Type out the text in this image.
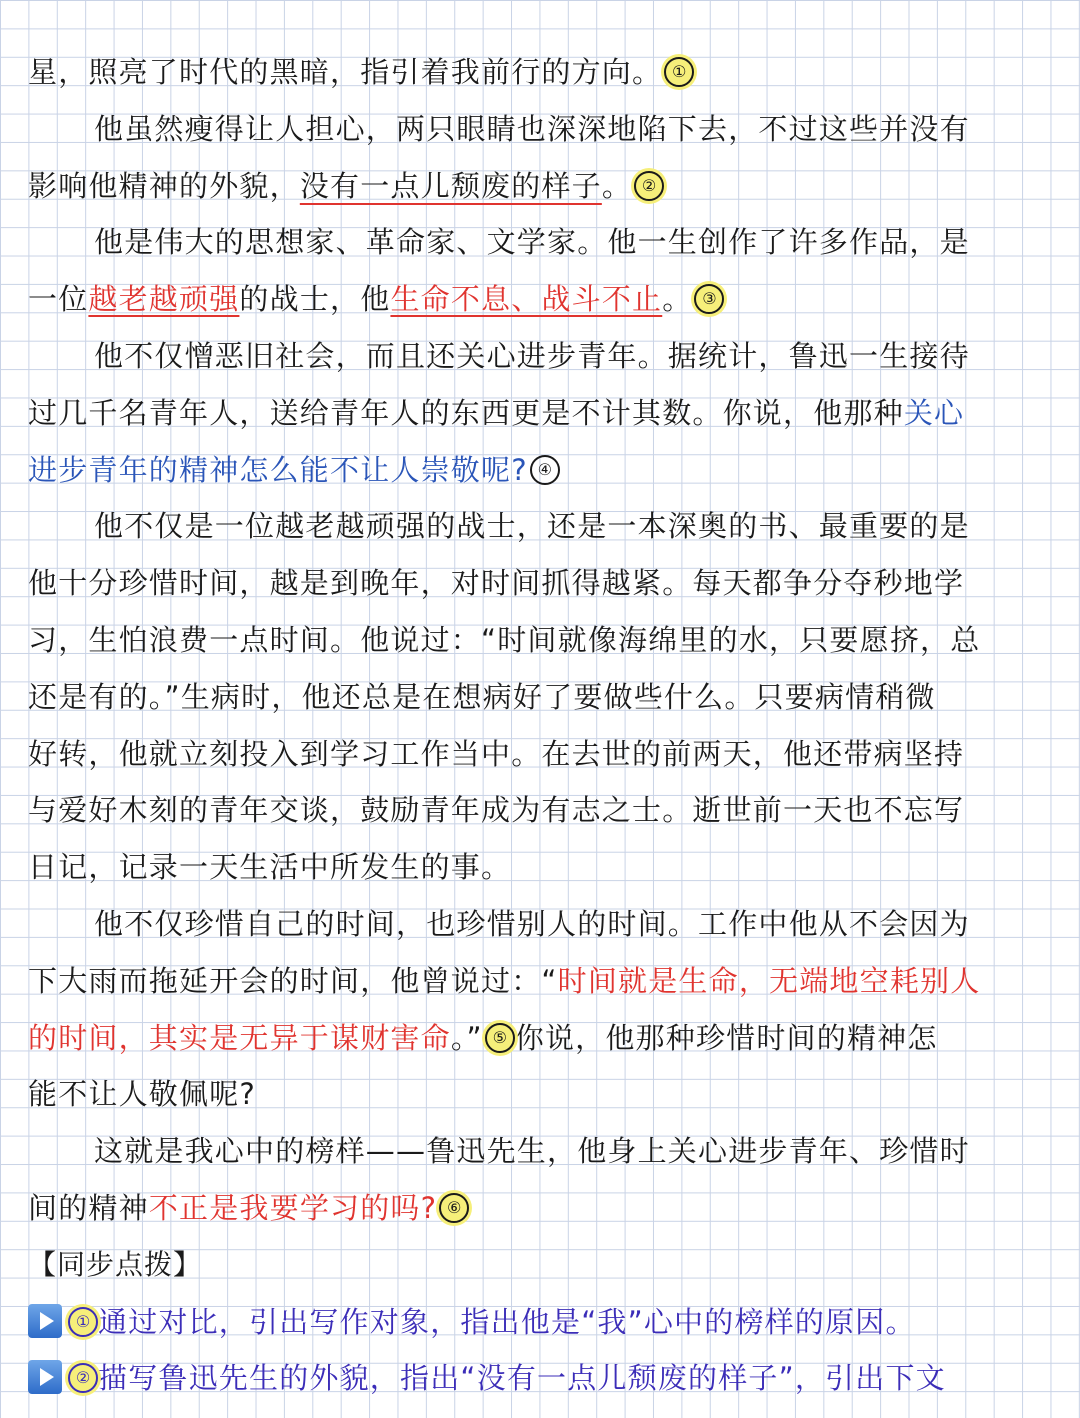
星，照亮了时代的黑暗，指引着我前行的方向。 ①
他虽然瘦得让人担心，两只眼睛也深深地陷下去，不过这些并没有
影响他精神的外貌，没有一点儿颓废的样子。 ②
他是伟大的思想家、革命家、文学家。他一生创作了许多作品，是
一位越老越顽强的战士，他生命不息、战斗不止。 ③
他不仅憎恶旧社会，而且还关心进步青年。据统计，鲁迅一生接待
过几千名青年人，送给青年人的东西更是不计其数。你说，他那种关心
进步青年的精神怎么能不让人崇敬呢? ④
他不仅是一位越老越顽强的战士，还是一本深奥的书、最重要的是
他十分珍惜时间，越是到晚年，对时间抓得越紧。每天都争分夺秒地学
习，生怕浪费一点时间。他说过：“时间就像海绵里的水，只要愿挤，总
还是有的。”生病时，他还总是在想病好了要做些什么。只要病情稍微
好转，他就立刻投入到学习工作当中。在去世的前两天，他还带病坚持
与爱好木刻的青年交谈，鼓励青年成为有志之士。逝世前一天也不忘写
日记，记录一天生活中所发生的事。
他不仅珍惜自己的时间，也珍惜别人的时间。工作中他从不会因为
下大雨而拖延开会的时间，他曾说过：“时间就是生命，无端地空耗别人
的时间，其实是无异于谋财害命。” ⑤ 你说，他那种珍惜时间的精神怎
能不让人敬佩呢?
这就是我心中的榜样——鲁迅先生，他身上关心进步青年、珍惜时
间的精神不正是我要学习的吗? ⑥
【同步点拨】
① 通过对比，引出写作对象，指出他是“我”心中的榜样的原因。
② 描写鲁迅先生的外貌，指出“没有一点儿颓废的样子”，引出下文
